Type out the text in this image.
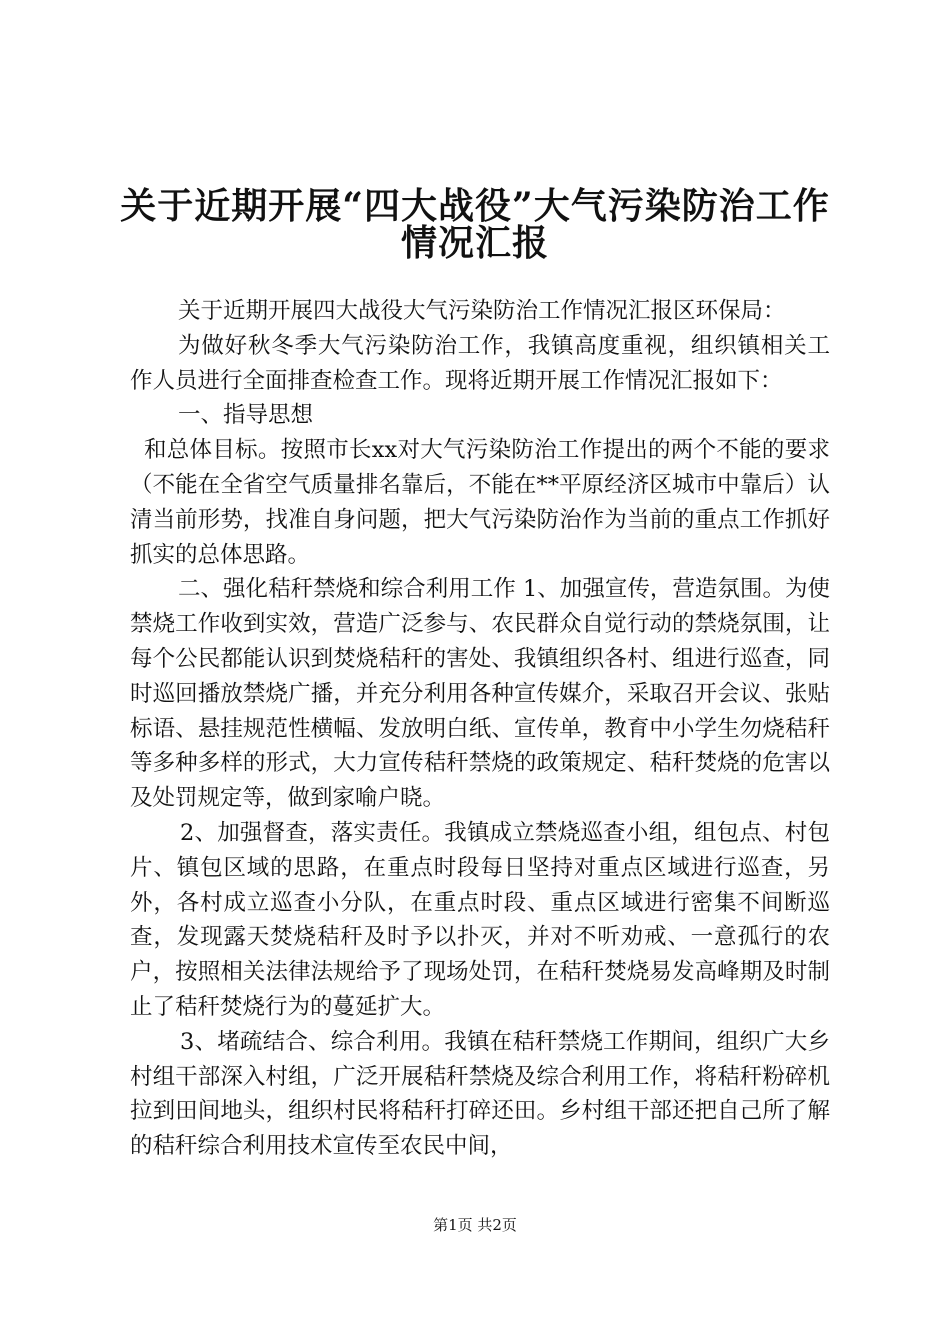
关于近期开展“四大战役”大气污染防治工作
情况汇报

关于近期开展四大战役大气污染防治工作情况汇报区环保局：

为做好秋冬季大气污染防治工作，我镇高度重视，组织镇相关工作人员进行全面排查检查工作。现将近期开展工作情况汇报如下：

一、指导思想

和总体目标。按照市长xx对大气污染防治工作提出的两个不能的要求（不能在全省空气质量排名靠后，不能在**平原经济区城市中靠后）认清当前形势，找准自身问题，把大气污染防治作为当前的重点工作抓好抓实的总体思路。

二、强化秸秆禁烧和综合利用工作 1、加强宣传，营造氛围。为使禁烧工作收到实效，营造广泛参与、农民群众自觉行动的禁烧氛围，让每个公民都能认识到焚烧秸秆的害处、我镇组织各村、组进行巡查，同时巡回播放禁烧广播，并充分利用各种宣传媒介，采取召开会议、张贴标语、悬挂规范性横幅、发放明白纸、宣传单，教育中小学生勿烧秸秆等多种多样的形式，大力宣传秸秆禁烧的政策规定、秸秆焚烧的危害以及处罚规定等，做到家喻户晓。

2、加强督查，落实责任。我镇成立禁烧巡查小组，组包点、村包片、镇包区域的思路，在重点时段每日坚持对重点区域进行巡查，另外，各村成立巡查小分队，在重点时段、重点区域进行密集不间断巡查，发现露天焚烧秸秆及时予以扑灭，并对不听劝戒、一意孤行的农户，按照相关法律法规给予了现场处罚，在秸秆焚烧易发高峰期及时制止了秸秆焚烧行为的蔓延扩大。

3、堵疏结合、综合利用。我镇在秸秆禁烧工作期间，组织广大乡村组干部深入村组，广泛开展秸秆禁烧及综合利用工作，将秸秆粉碎机拉到田间地头，组织村民将秸秆打碎还田。乡村组干部还把自己所了解的秸秆综合利用技术宣传至农民中间，

第1页 共2页
